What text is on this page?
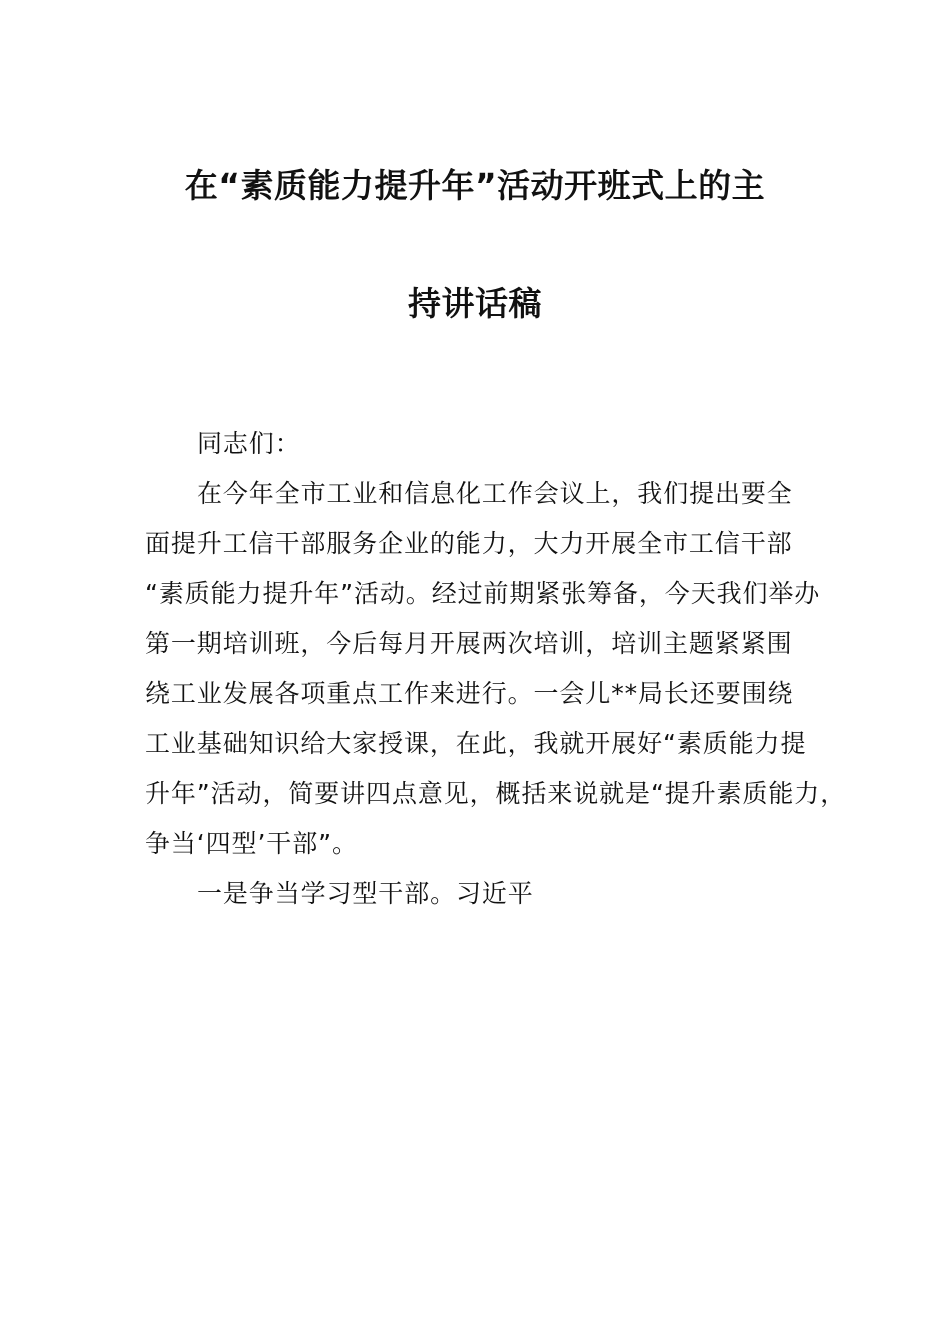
在“素质能力提升年”活动开班式上的主
持讲话稿
同志们：
在今年全市工业和信息化工作会议上，我们提出要全
面提升工信干部服务企业的能力，大力开展全市工信干部
“素质能力提升年”活动。经过前期紧张筹备，今天我们举办
第一期培训班，今后每月开展两次培训，培训主题紧紧围
绕工业发展各项重点工作来进行。一会儿**局长还要围绕
工业基础知识给大家授课，在此，我就开展好“素质能力提
升年”活动，简要讲四点意见，概括来说就是“提升素质能力，
争当‘四型’干部”。
一是争当学习型干部。习近平
